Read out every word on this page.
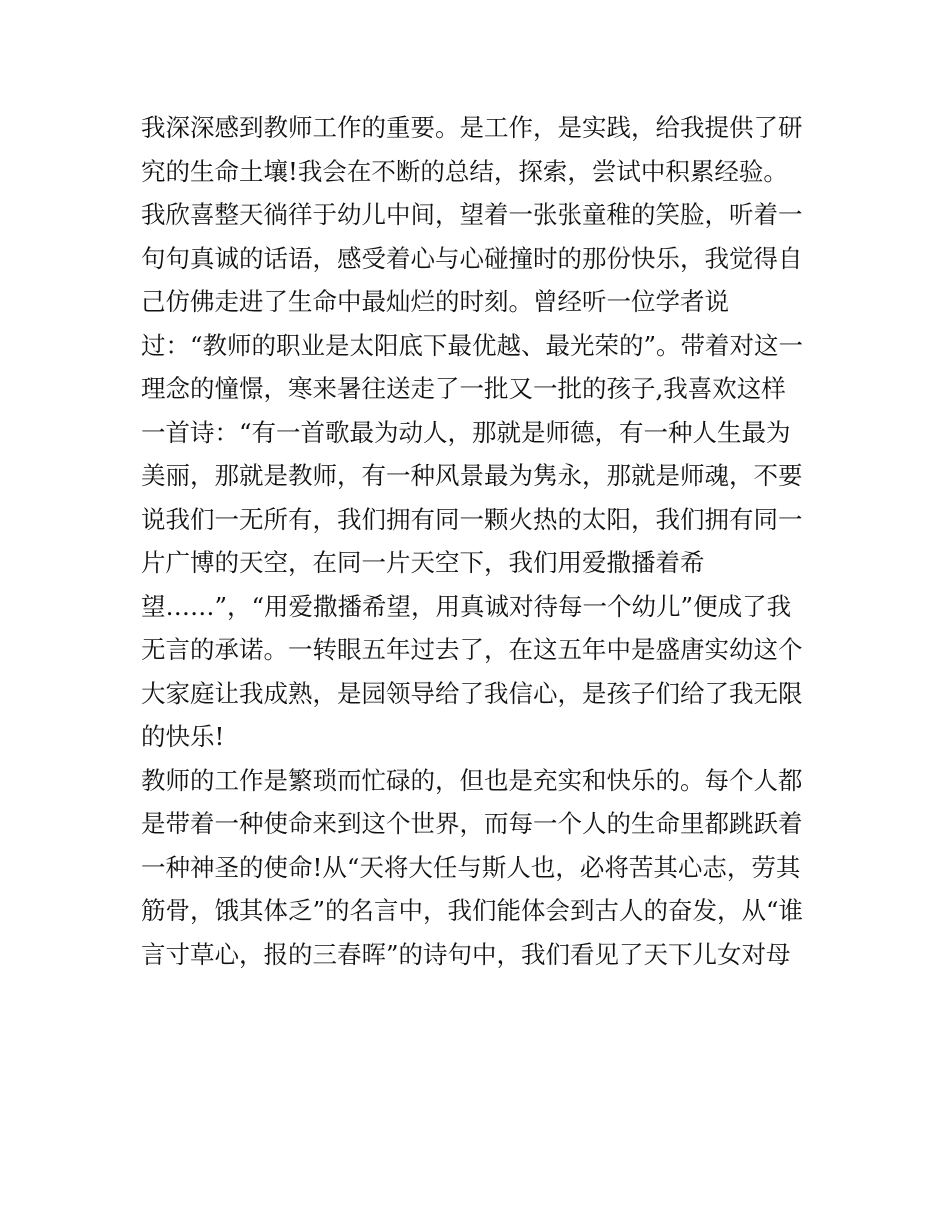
我深深感到教师工作的重要。是工作，是实践，给我提供了研
究的生命土壤!我会在不断的总结，探索，尝试中积累经验。
我欣喜整天徜徉于幼儿中间，望着一张张童稚的笑脸，听着一
句句真诚的话语，感受着心与心碰撞时的那份快乐，我觉得自
己仿佛走进了生命中最灿烂的时刻。曾经听一位学者说
过：“教师的职业是太阳底下最优越、最光荣的”。带着对这一
理念的憧憬，寒来暑往送走了一批又一批的孩子,我喜欢这样
一首诗：“有一首歌最为动人，那就是师德，有一种人生最为
美丽，那就是教师，有一种风景最为隽永，那就是师魂，不要
说我们一无所有，我们拥有同一颗火热的太阳，我们拥有同一
片广博的天空，在同一片天空下，我们用爱撒播着希
望……”，“用爱撒播希望，用真诚对待每一个幼儿”便成了我
无言的承诺。一转眼五年过去了，在这五年中是盛唐实幼这个
大家庭让我成熟，是园领导给了我信心，是孩子们给了我无限
的快乐!
教师的工作是繁琐而忙碌的，但也是充实和快乐的。每个人都
是带着一种使命来到这个世界，而每一个人的生命里都跳跃着
一种神圣的使命!从“天将大任与斯人也，必将苦其心志，劳其
筋骨，饿其体乏”的名言中，我们能体会到古人的奋发，从“谁
言寸草心，报的三春晖”的诗句中，我们看见了天下儿女对母
